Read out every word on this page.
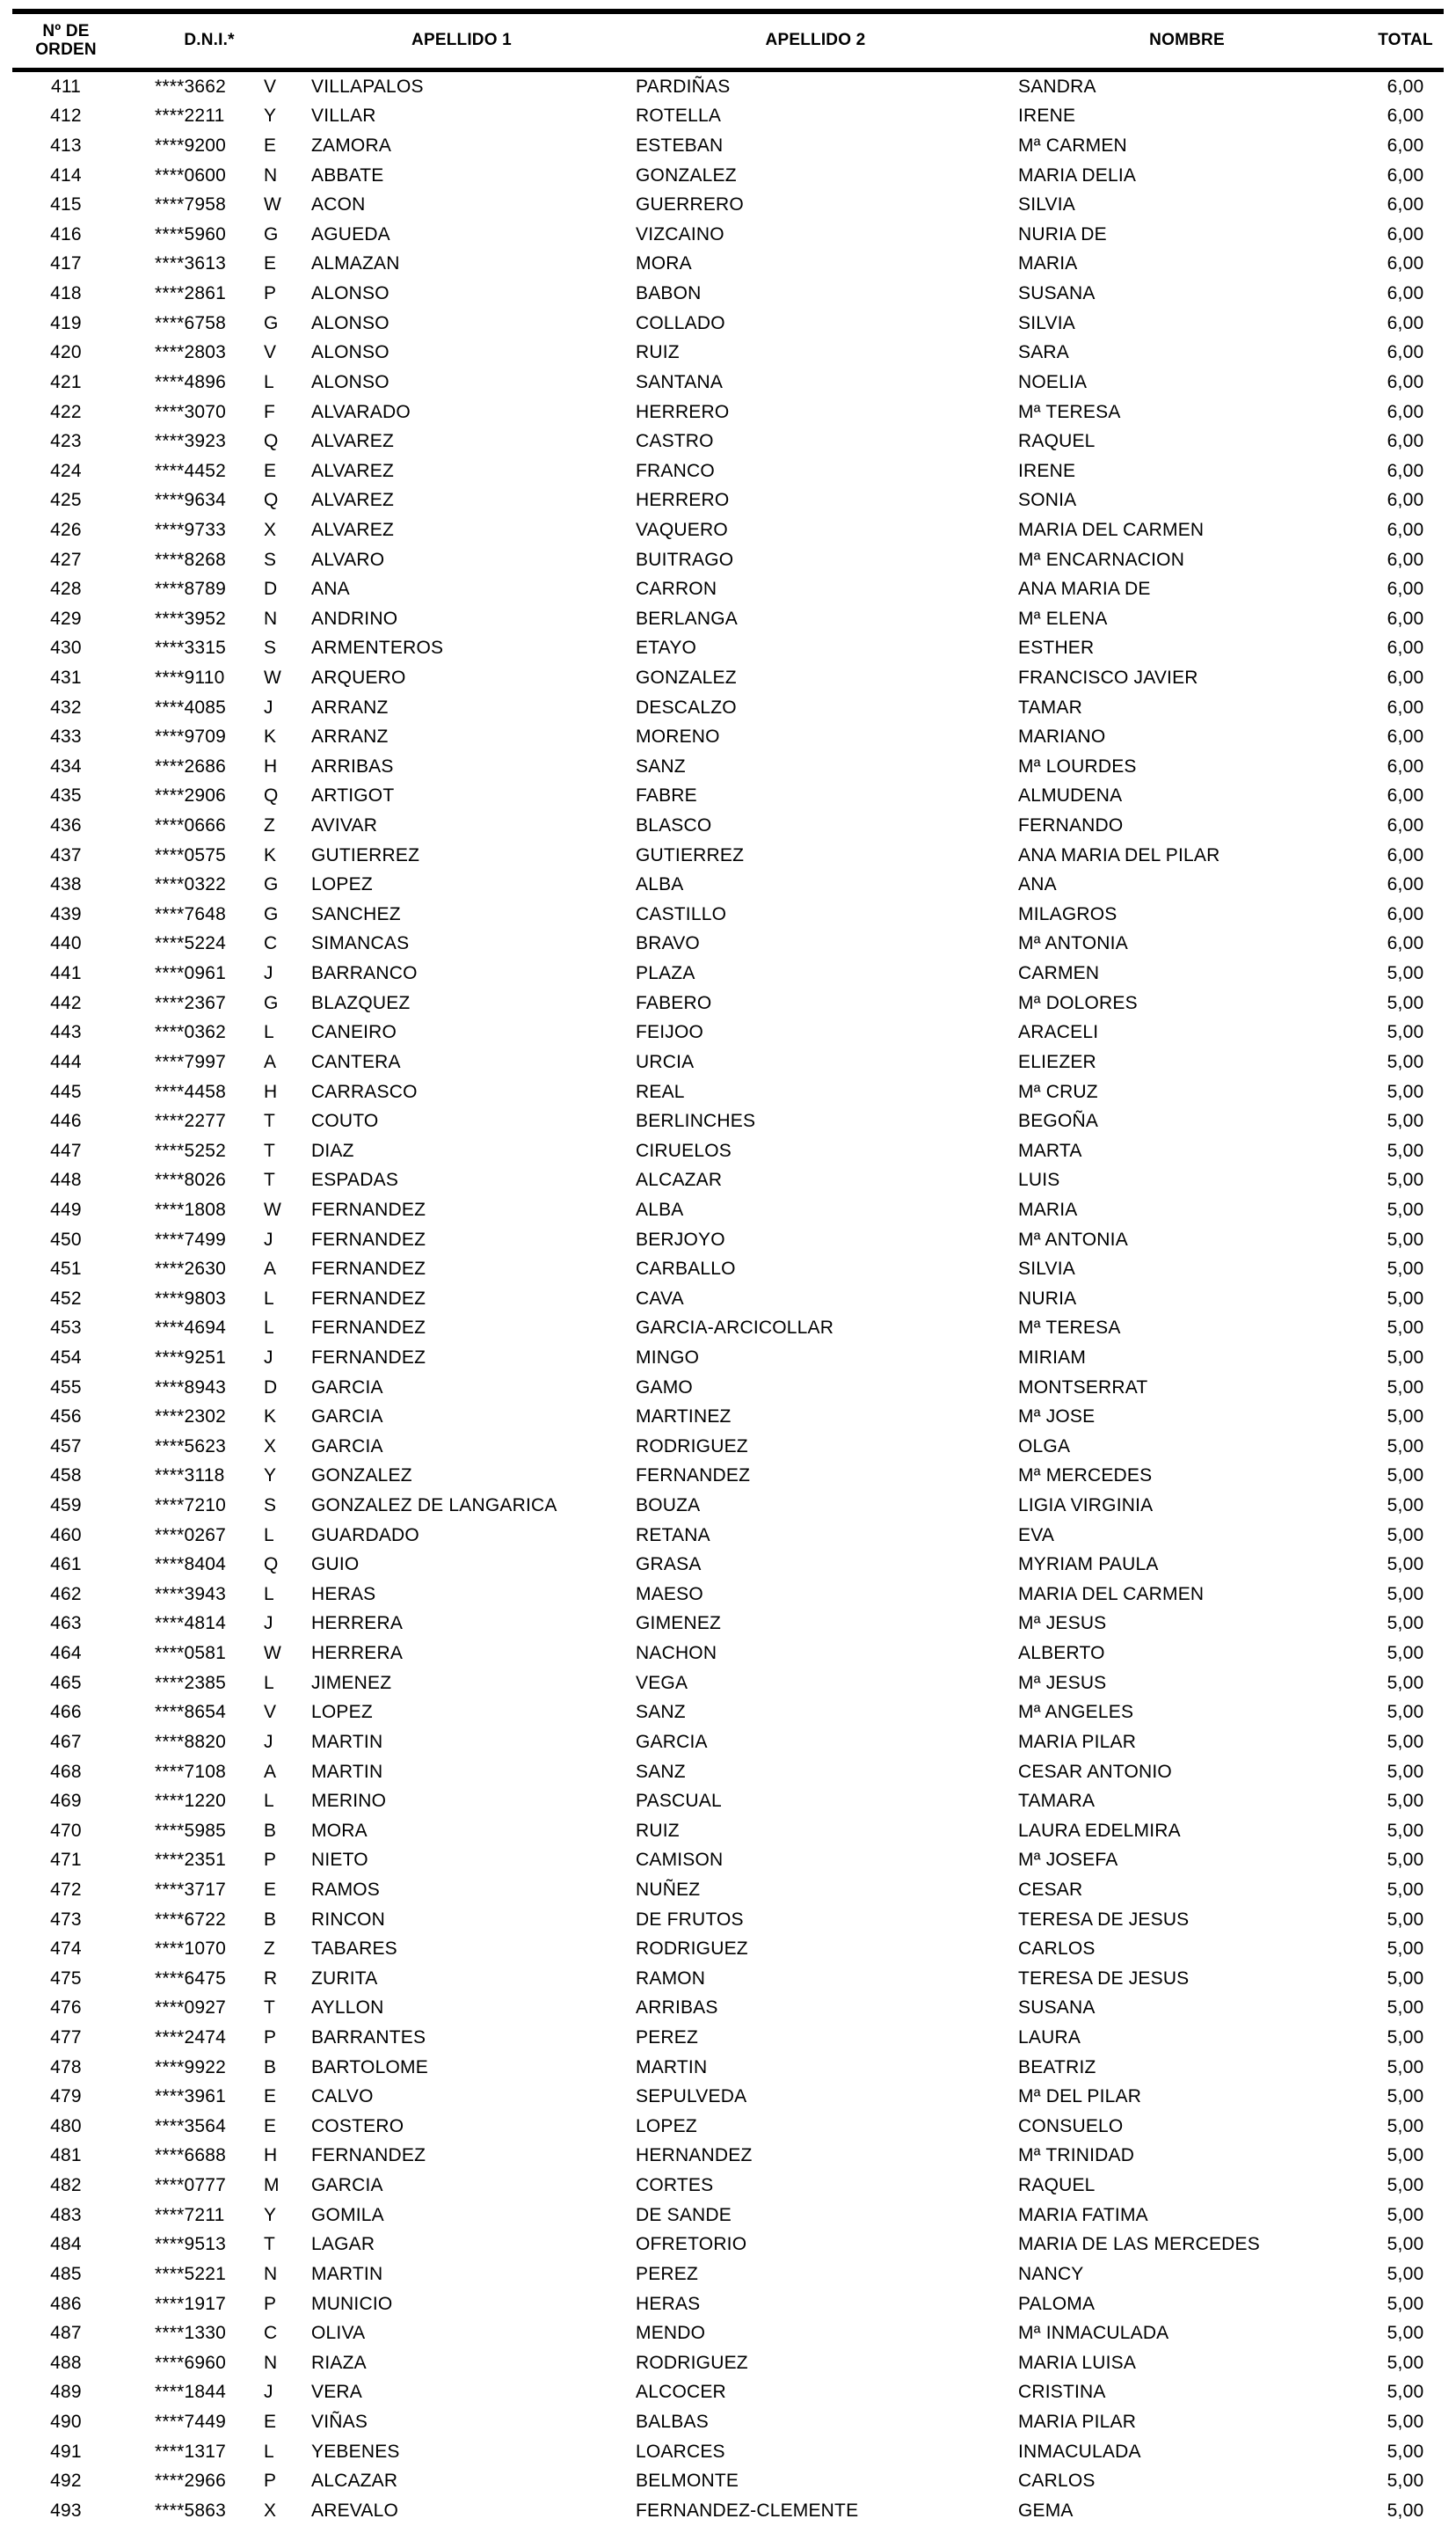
Nº DE
ORDEN	D.N.I.*	APELLIDO 1	APELLIDO 2	NOMBRE	TOTAL
411	****3662	V	VILLAPALOS	PARDIÑAS	SANDRA	6,00
412	****2211	Y	VILLAR	ROTELLA	IRENE	6,00
413	****9200	E	ZAMORA	ESTEBAN	Mª CARMEN	6,00
414	****0600	N	ABBATE	GONZALEZ	MARIA DELIA	6,00
415	****7958	W	ACON	GUERRERO	SILVIA	6,00
416	****5960	G	AGUEDA	VIZCAINO	NURIA DE	6,00
417	****3613	E	ALMAZAN	MORA	MARIA	6,00
418	****2861	P	ALONSO	BABON	SUSANA	6,00
419	****6758	G	ALONSO	COLLADO	SILVIA	6,00
420	****2803	V	ALONSO	RUIZ	SARA	6,00
421	****4896	L	ALONSO	SANTANA	NOELIA	6,00
422	****3070	F	ALVARADO	HERRERO	Mª TERESA	6,00
423	****3923	Q	ALVAREZ	CASTRO	RAQUEL	6,00
424	****4452	E	ALVAREZ	FRANCO	IRENE	6,00
425	****9634	Q	ALVAREZ	HERRERO	SONIA	6,00
426	****9733	X	ALVAREZ	VAQUERO	MARIA DEL CARMEN	6,00
427	****8268	S	ALVARO	BUITRAGO	Mª ENCARNACION	6,00
428	****8789	D	ANA	CARRON	ANA MARIA DE	6,00
429	****3952	N	ANDRINO	BERLANGA	Mª ELENA	6,00
430	****3315	S	ARMENTEROS	ETAYO	ESTHER	6,00
431	****9110	W	ARQUERO	GONZALEZ	FRANCISCO JAVIER	6,00
432	****4085	J	ARRANZ	DESCALZO	TAMAR	6,00
433	****9709	K	ARRANZ	MORENO	MARIANO	6,00
434	****2686	H	ARRIBAS	SANZ	Mª LOURDES	6,00
435	****2906	Q	ARTIGOT	FABRE	ALMUDENA	6,00
436	****0666	Z	AVIVAR	BLASCO	FERNANDO	6,00
437	****0575	K	GUTIERREZ	GUTIERREZ	ANA MARIA DEL PILAR	6,00
438	****0322	G	LOPEZ	ALBA	ANA	6,00
439	****7648	G	SANCHEZ	CASTILLO	MILAGROS	6,00
440	****5224	C	SIMANCAS	BRAVO	Mª ANTONIA	6,00
441	****0961	J	BARRANCO	PLAZA	CARMEN	5,00
442	****2367	G	BLAZQUEZ	FABERO	Mª DOLORES	5,00
443	****0362	L	CANEIRO	FEIJOO	ARACELI	5,00
444	****7997	A	CANTERA	URCIA	ELIEZER	5,00
445	****4458	H	CARRASCO	REAL	Mª CRUZ	5,00
446	****2277	T	COUTO	BERLINCHES	BEGOÑA	5,00
447	****5252	T	DIAZ	CIRUELOS	MARTA	5,00
448	****8026	T	ESPADAS	ALCAZAR	LUIS	5,00
449	****1808	W	FERNANDEZ	ALBA	MARIA	5,00
450	****7499	J	FERNANDEZ	BERJOYO	Mª ANTONIA	5,00
451	****2630	A	FERNANDEZ	CARBALLO	SILVIA	5,00
452	****9803	L	FERNANDEZ	CAVA	NURIA	5,00
453	****4694	L	FERNANDEZ	GARCIA-ARCICOLLAR	Mª TERESA	5,00
454	****9251	J	FERNANDEZ	MINGO	MIRIAM	5,00
455	****8943	D	GARCIA	GAMO	MONTSERRAT	5,00
456	****2302	K	GARCIA	MARTINEZ	Mª JOSE	5,00
457	****5623	X	GARCIA	RODRIGUEZ	OLGA	5,00
458	****3118	Y	GONZALEZ	FERNANDEZ	Mª MERCEDES	5,00
459	****7210	S	GONZALEZ DE LANGARICA	BOUZA	LIGIA VIRGINIA	5,00
460	****0267	L	GUARDADO	RETANA	EVA	5,00
461	****8404	Q	GUIO	GRASA	MYRIAM PAULA	5,00
462	****3943	L	HERAS	MAESO	MARIA DEL CARMEN	5,00
463	****4814	J	HERRERA	GIMENEZ	Mª JESUS	5,00
464	****0581	W	HERRERA	NACHON	ALBERTO	5,00
465	****2385	L	JIMENEZ	VEGA	Mª JESUS	5,00
466	****8654	V	LOPEZ	SANZ	Mª ANGELES	5,00
467	****8820	J	MARTIN	GARCIA	MARIA PILAR	5,00
468	****7108	A	MARTIN	SANZ	CESAR ANTONIO	5,00
469	****1220	L	MERINO	PASCUAL	TAMARA	5,00
470	****5985	B	MORA	RUIZ	LAURA EDELMIRA	5,00
471	****2351	P	NIETO	CAMISON	Mª JOSEFA	5,00
472	****3717	E	RAMOS	NUÑEZ	CESAR	5,00
473	****6722	B	RINCON	DE FRUTOS	TERESA DE JESUS	5,00
474	****1070	Z	TABARES	RODRIGUEZ	CARLOS	5,00
475	****6475	R	ZURITA	RAMON	TERESA DE JESUS	5,00
476	****0927	T	AYLLON	ARRIBAS	SUSANA	5,00
477	****2474	P	BARRANTES	PEREZ	LAURA	5,00
478	****9922	B	BARTOLOME	MARTIN	BEATRIZ	5,00
479	****3961	E	CALVO	SEPULVEDA	Mª DEL PILAR	5,00
480	****3564	E	COSTERO	LOPEZ	CONSUELO	5,00
481	****6688	H	FERNANDEZ	HERNANDEZ	Mª TRINIDAD	5,00
482	****0777	M	GARCIA	CORTES	RAQUEL	5,00
483	****7211	Y	GOMILA	DE SANDE	MARIA FATIMA	5,00
484	****9513	T	LAGAR	OFRETORIO	MARIA DE LAS MERCEDES	5,00
485	****5221	N	MARTIN	PEREZ	NANCY	5,00
486	****1917	P	MUNICIO	HERAS	PALOMA	5,00
487	****1330	C	OLIVA	MENDO	Mª INMACULADA	5,00
488	****6960	N	RIAZA	RODRIGUEZ	MARIA LUISA	5,00
489	****1844	J	VERA	ALCOCER	CRISTINA	5,00
490	****7449	E	VIÑAS	BALBAS	MARIA PILAR	5,00
491	****1317	L	YEBENES	LOARCES	INMACULADA	5,00
492	****2966	P	ALCAZAR	BELMONTE	CARLOS	5,00
493	****5863	X	AREVALO	FERNANDEZ-CLEMENTE	GEMA	5,00
